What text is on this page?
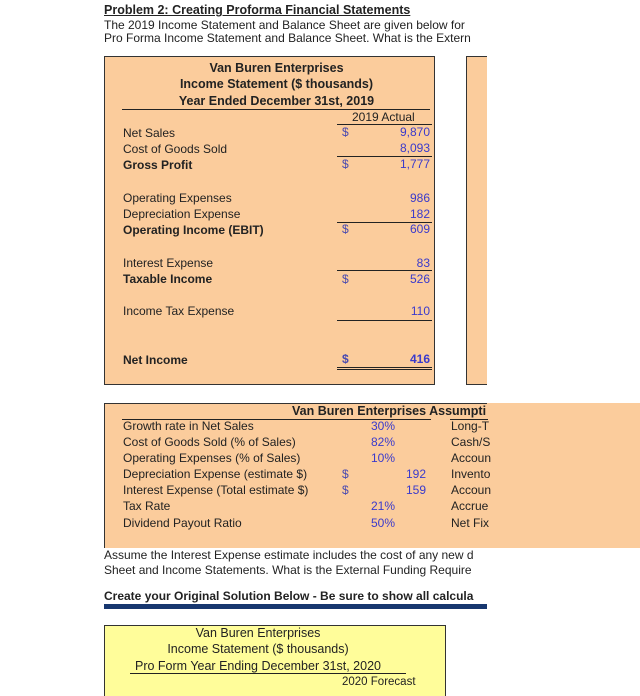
Problem 2: Creating Proforma Financial Statements
The 2019 Income Statement and Balance Sheet are given below for
Pro Forma Income Statement and Balance Sheet. What is the Extern
Van Buren Enterprises
Income Statement ($ thousands)
Year Ended December 31st, 2019
2019 Actual
Net Sales	$	9,870
Cost of Goods Sold	8,093
Gross Profit	$	1,777
Operating Expenses	986
Depreciation Expense	182
Operating Income (EBIT)	$	609
Interest Expense	83
Taxable Income	$	526
Income Tax Expense	110
Net Income	$	416
Van Buren Enterprises Assumpti
Growth rate in Net Sales	30%	Long-T
Cost of Goods Sold (% of Sales)	82%	Cash/S
Operating Expenses (% of Sales)	10%	Accoun
Depreciation Expense (estimate $)	$	192 Invento
Interest Expense (Total estimate $)	$	159 Accoun
Tax Rate	21%	Accrue
Dividend Payout Ratio	50%	Net Fix
Assume the Interest Expense estimate includes the cost of any new d
Sheet and Income Statements. What is the External Funding Require
Create your Original Solution Below - Be sure to show all calcula
Van Buren Enterprises
Income Statement ($ thousands)
Pro Form Year Ending December 31st, 2020
2020 Forecast
